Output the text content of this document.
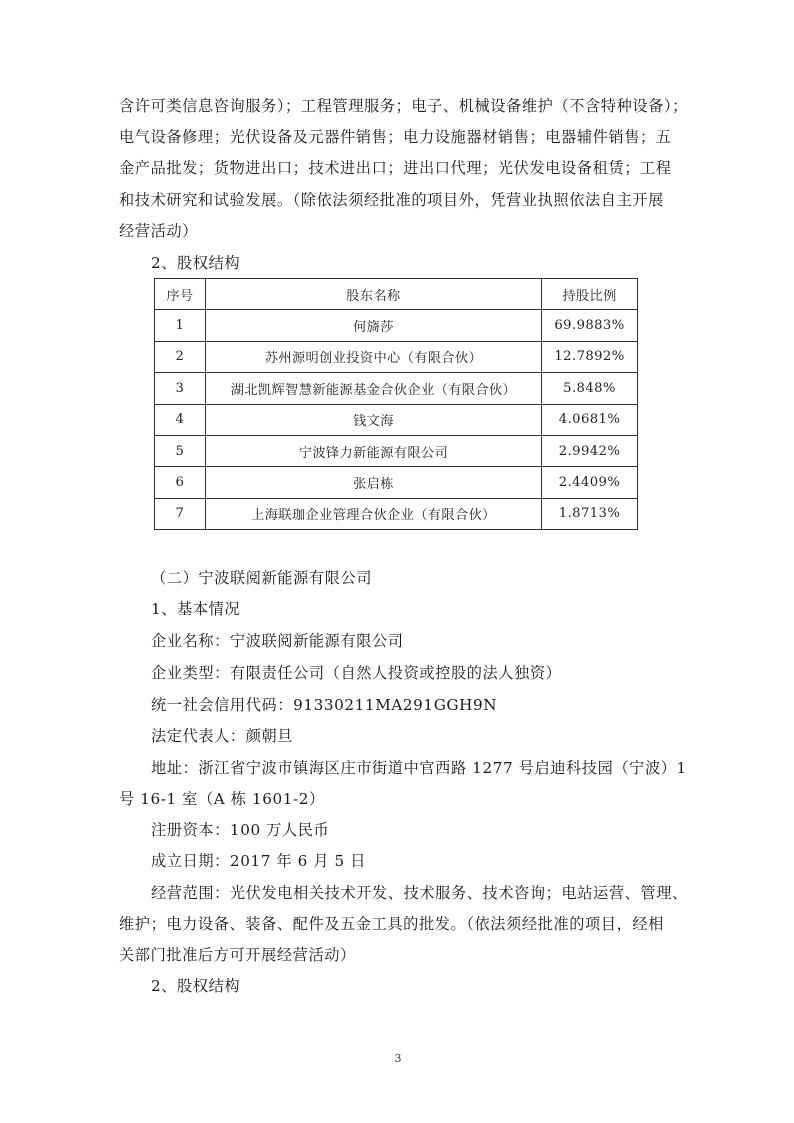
含许可类信息咨询服务）；工程管理服务；电子、机械设备维护（不含特种设备）；
电气设备修理；光伏设备及元器件销售；电力设施器材销售；电器辅件销售；五
金产品批发；货物进出口；技术进出口；进出口代理；光伏发电设备租赁；工程
和技术研究和试验发展。（除依法须经批准的项目外，凭营业执照依法自主开展
经营活动）
2、股权结构
序号	股东名称	持股比例
1	何旖莎	69.9883%
2	苏州源明创业投资中心（有限合伙）	12.7892%
3	湖北凯辉智慧新能源基金合伙企业（有限合伙）	5.848%
4	钱文海	4.0681%
5	宁波锋力新能源有限公司	2.9942%
6	张启栋	2.4409%
7	上海联珈企业管理合伙企业（有限合伙）	1.8713%
（二）宁波联阅新能源有限公司
1、基本情况
企业名称：宁波联阅新能源有限公司
企业类型：有限责任公司（自然人投资或控股的法人独资）
统一社会信用代码：91330211MA291GGH9N
法定代表人：颜朝旦
地址：浙江省宁波市镇海区庄市街道中官西路 1277 号启迪科技园（宁波）1
号 16-1 室（A 栋 1601-2）
注册资本：100 万人民币
成立日期：2017 年 6 月 5 日
经营范围：光伏发电相关技术开发、技术服务、技术咨询；电站运营、管理、
维护；电力设备、装备、配件及五金工具的批发。（依法须经批准的项目，经相
关部门批准后方可开展经营活动）
2、股权结构
3
